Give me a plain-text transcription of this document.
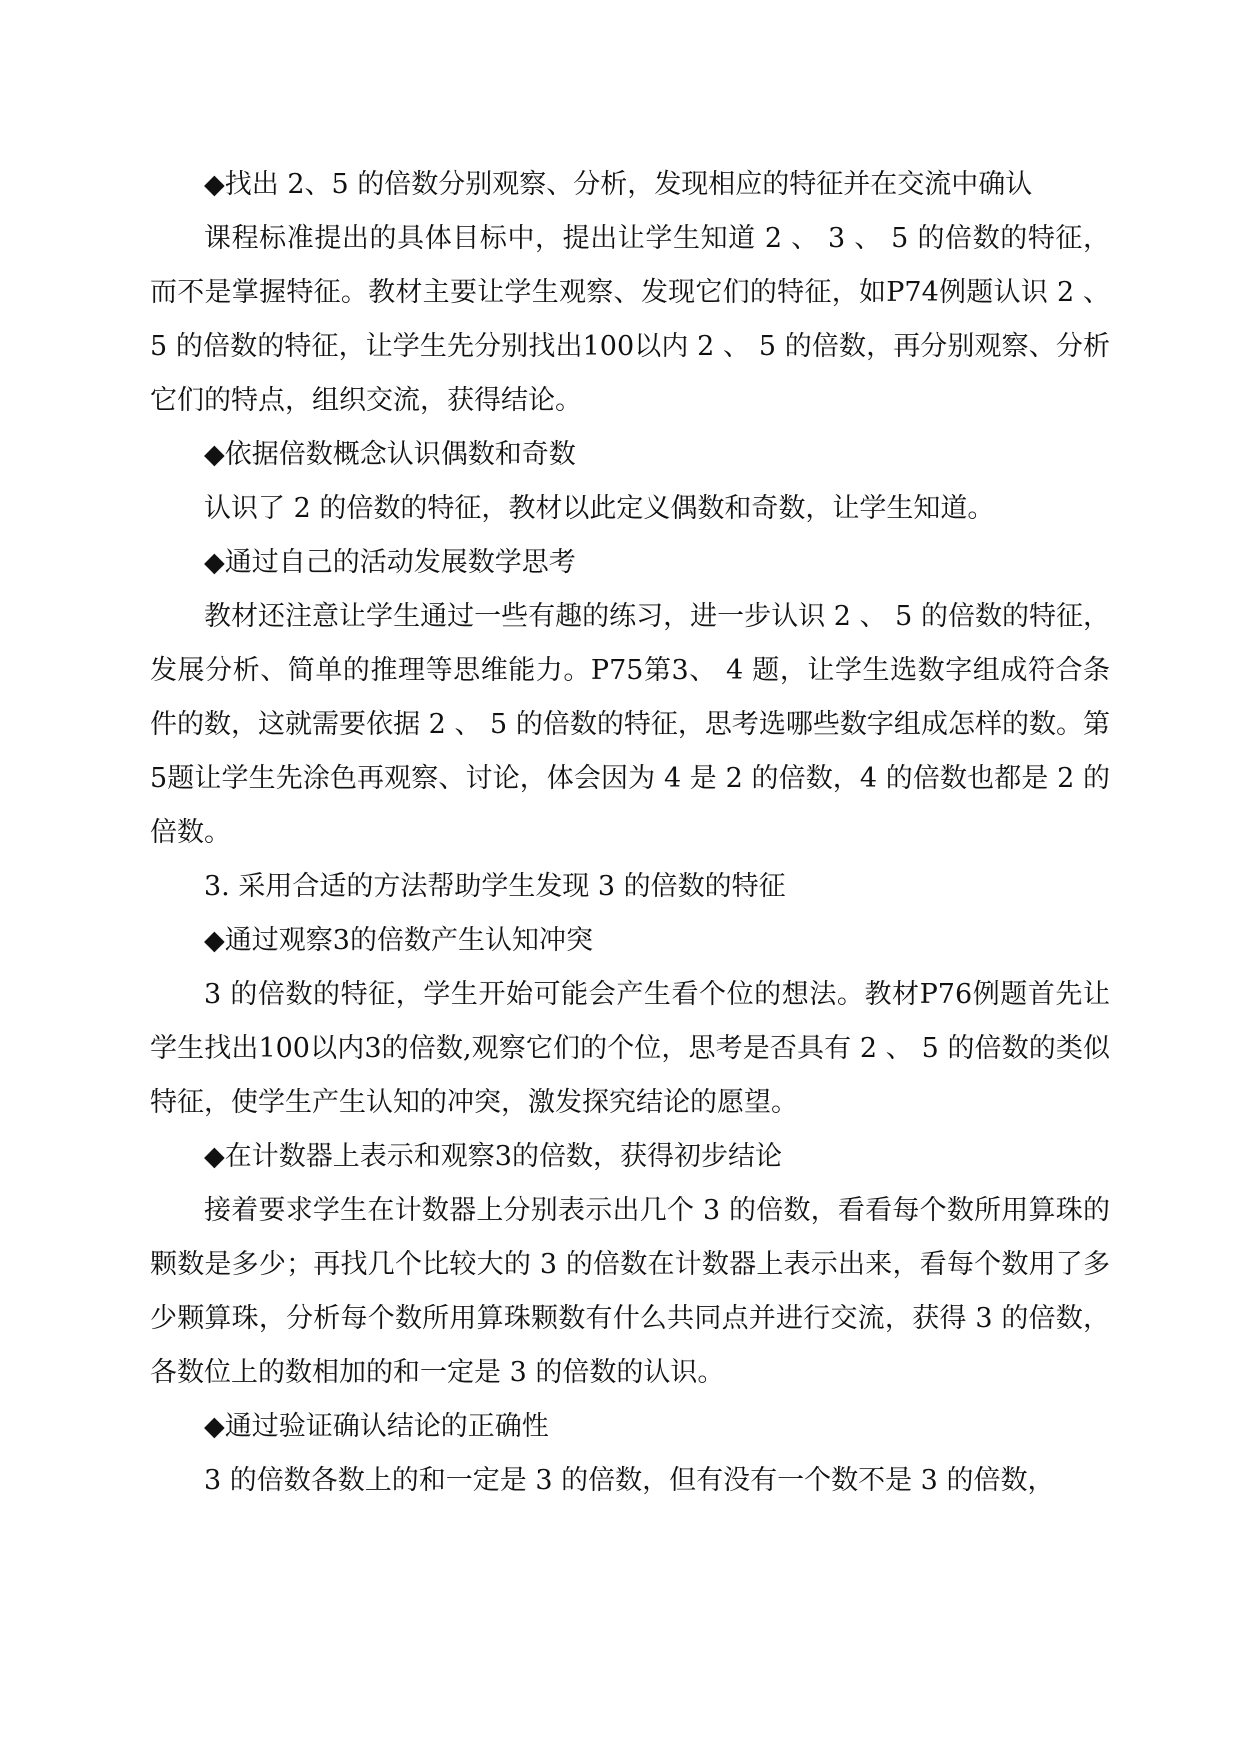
◆找出 2、5 的倍数分别观察、分析，发现相应的特征并在交流中确认

课程标准提出的具体目标中，提出让学生知道 2 、 3 、 5 的倍数的特征，而不是掌握特征。教材主要让学生观察、发现它们的特征，如P74例题认识 2 、 5 的倍数的特征，让学生先分别找出100以内 2 、 5 的倍数，再分别观察、分析它们的特点，组织交流，获得结论。

◆依据倍数概念认识偶数和奇数

认识了 2 的倍数的特征，教材以此定义偶数和奇数，让学生知道。

◆通过自己的活动发展数学思考

教材还注意让学生通过一些有趣的练习，进一步认识 2 、 5 的倍数的特征，发展分析、简单的推理等思维能力。P75第3、 4 题，让学生选数字组成符合条件的数，这就需要依据 2 、 5 的倍数的特征，思考选哪些数字组成怎样的数。第5题让学生先涂色再观察、讨论，体会因为 4 是 2 的倍数，4 的倍数也都是 2 的倍数。

3. 采用合适的方法帮助学生发现 3 的倍数的特征

◆通过观察3的倍数产生认知冲突

3 的倍数的特征，学生开始可能会产生看个位的想法。教材P76例题首先让学生找出100以内3的倍数,观察它们的个位，思考是否具有 2 、 5 的倍数的类似特征，使学生产生认知的冲突，激发探究结论的愿望。

◆在计数器上表示和观察3的倍数，获得初步结论

接着要求学生在计数器上分别表示出几个 3 的倍数，看看每个数所用算珠的颗数是多少；再找几个比较大的 3 的倍数在计数器上表示出来，看每个数用了多少颗算珠，分析每个数所用算珠颗数有什么共同点并进行交流，获得 3 的倍数，各数位上的数相加的和一定是 3 的倍数的认识。

◆通过验证确认结论的正确性

3 的倍数各数上的和一定是 3 的倍数，但有没有一个数不是 3 的倍数，
